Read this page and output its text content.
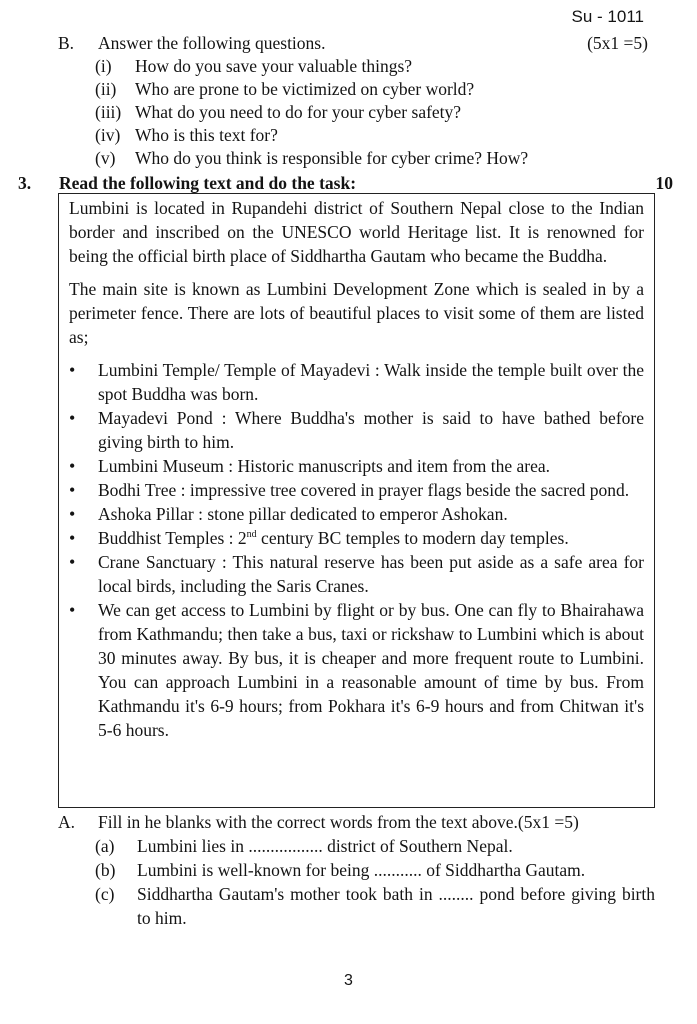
Su - 1011
B. Answer the following questions.	(5x1 =5)
(i) How do you save your valuable things?
(ii) Who are prone to be victimized on cyber world?
(iii) What do you need to do for your cyber safety?
(iv) Who is this text for?
(v) Who do you think is responsible for cyber crime? How?
3.	Read the following text and do the task:	10

Lumbini is located in Rupandehi district of Southern Nepal close to the Indian border and inscribed on the UNESCO world Heritage list. It is renowned for being the official birth place of Siddhartha Gautam who became the Buddha.

The main site is known as Lumbini Development Zone which is sealed in by a perimeter fence. There are lots of beautiful places to visit some of them are listed as;

• Lumbini Temple/ Temple of Mayadevi : Walk inside the temple built over the spot Buddha was born.
• Mayadevi Pond : Where Buddha's mother is said to have bathed before giving birth to him.
• Lumbini Museum : Historic manuscripts and item from the area.
• Bodhi Tree : impressive tree covered in prayer flags beside the sacred pond.
• Ashoka Pillar : stone pillar dedicated to emperor Ashokan.
• Buddhist Temples : 2nd century BC temples to modern day temples.
• Crane Sanctuary : This natural reserve has been put aside as a safe area for local birds, including the Saris Cranes.
• We can get access to Lumbini by flight or by bus. One can fly to Bhairahawa from Kathmandu; then take a bus, taxi or rickshaw to Lumbini which is about 30 minutes away. By bus, it is cheaper and more frequent route to Lumbini. You can approach Lumbini in a reasonable amount of time by bus. From Kathmandu it's 6-9 hours; from Pokhara it's 6-9 hours and from Chitwan it's 5-6 hours.
A.	Fill in he blanks with the correct words from the text above.(5x1 =5)
(a)	Lumbini lies in ................. district of Southern Nepal.
(b)	Lumbini is well-known for being ........... of Siddhartha Gautam.
(c)	Siddhartha Gautam's mother took bath in ........ pond before giving birth to him.
3
